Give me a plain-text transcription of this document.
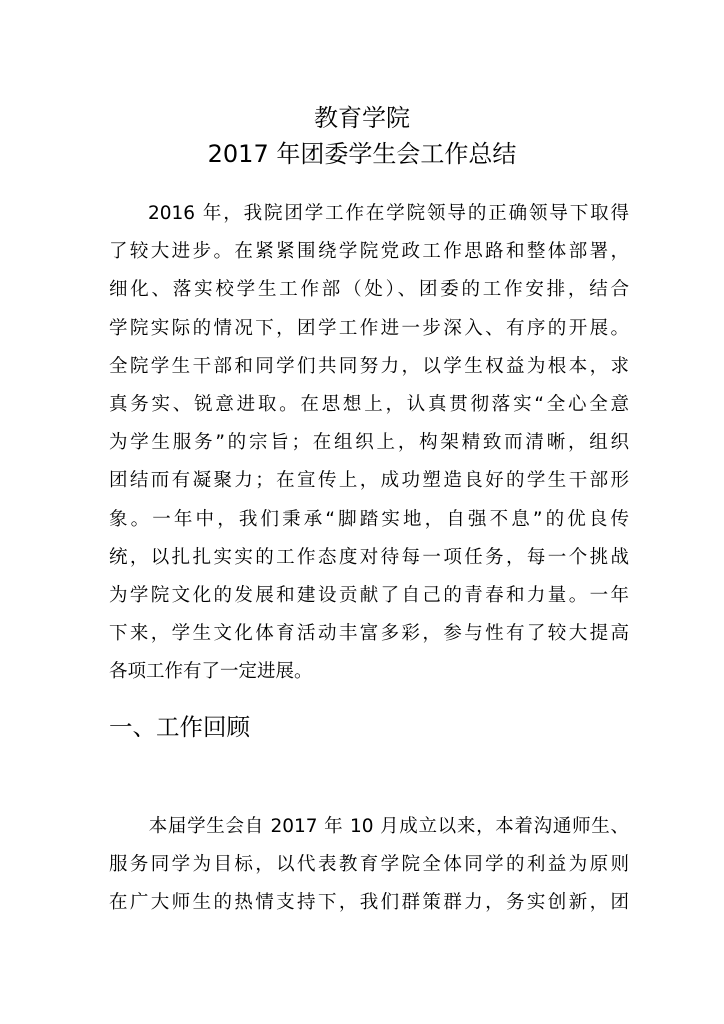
教育学院
2017 年团委学生会工作总结
2016 年，我院团学工作在学院领导的正确领导下取得
了较大进步。在紧紧围绕学院党政工作思路和整体部署，
细化、落实校学生工作部（处）、团委的工作安排，结合
学院实际的情况下，团学工作进一步深入、有序的开展。
全院学生干部和同学们共同努力，以学生权益为根本，求
真务实、锐意进取。在思想上，认真贯彻落实“全心全意
为学生服务”的宗旨；在组织上，构架精致而清晰，组织
团结而有凝聚力；在宣传上，成功塑造良好的学生干部形
象。一年中，我们秉承“脚踏实地，自强不息”的优良传
统，以扎扎实实的工作态度对待每一项任务，每一个挑战
为学院文化的发展和建设贡献了自己的青春和力量。一年
下来，学生文化体育活动丰富多彩，参与性有了较大提高
各项工作有了一定进展。
一、工作回顾
本届学生会自 2017 年 10 月成立以来，本着沟通师生、
服务同学为目标，以代表教育学院全体同学的利益为原则
在广大师生的热情支持下，我们群策群力，务实创新，团
